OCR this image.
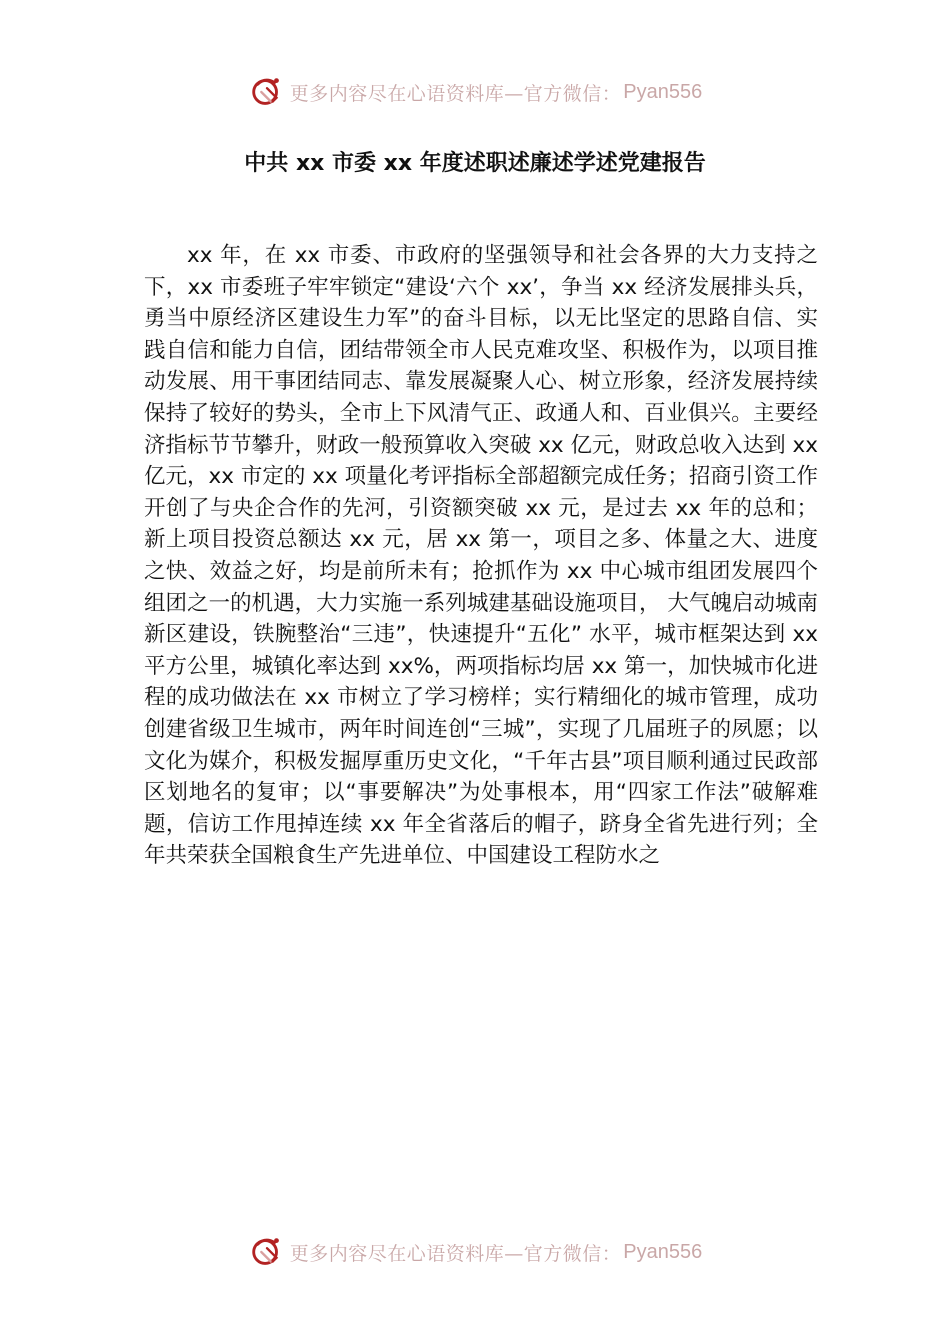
更多内容尽在心语资料库—官方微信： Pyan556
中共 xx 市委 xx 年度述职述廉述学述党建报告

xx 年，在 xx 市委、市政府的坚强领导和社会各界的大力支持之下，xx 市委班子牢牢锁定“建设‘六个 xx’，争当 xx 经济发展排头兵，勇当中原经济区建设生力军”的奋斗目标，以无比坚定的思路自信、实践自信和能力自信，团结带领全市人民克难攻坚、积极作为，以项目推动发展、用干事团结同志、靠发展凝聚人心、树立形象，经济发展持续保持了较好的势头，全市上下风清气正、政通人和、百业俱兴。主要经济指标节节攀升，财政一般预算收入突破 xx 亿元，财政总收入达到 xx 亿元，xx 市定的 xx 项量化考评指标全部超额完成任务；招商引资工作开创了与央企合作的先河，引资额突破 xx 元，是过去 xx 年的总和；新上项目投资总额达 xx 元，居 xx 第一，项目之多、体量之大、进度之快、效益之好，均是前所未有；抢抓作为 xx 中心城市组团发展四个组团之一的机遇，大力实施一系列城建基础设施项目， 大气魄启动城南新区建设，铁腕整治“三违”，快速提升“五化” 水平，城市框架达到 xx 平方公里，城镇化率达到 xx%，两项指标均居 xx 第一，加快城市化进程的成功做法在 xx 市树立了学习榜样；实行精细化的城市管理，成功创建省级卫生城市，两年时间连创“三城”，实现了几届班子的夙愿；以文化为媒介，积极发掘厚重历史文化，“千年古县”项目顺利通过民政部区划地名的复审；以“事要解决”为处事根本，用“四家工作法”破解难题，信访工作甩掉连续 xx 年全省落后的帽子，跻身全省先进行列；全年共荣获全国粮食生产先进单位、中国建设工程防水之

更多内容尽在心语资料库—官方微信： Pyan556
